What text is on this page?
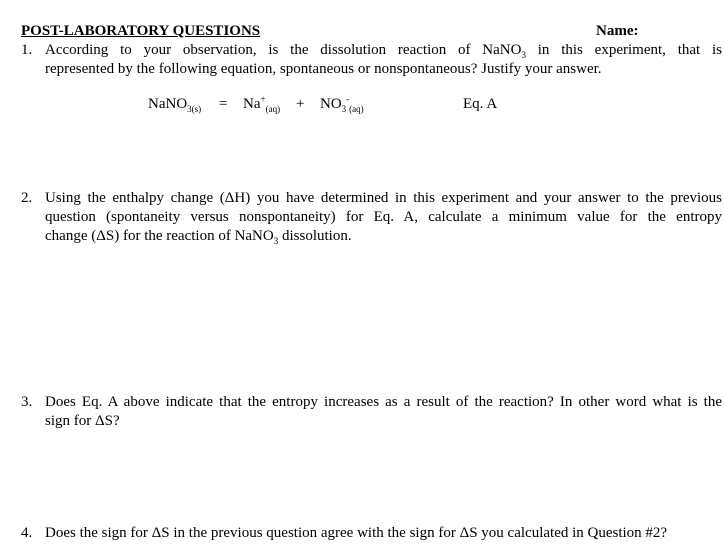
POST-LABORATORY QUESTIONS	Name:
1. According to your observation, is the dissolution reaction of NaNO$_3$ in this experiment, that is
represented by the following equation, spontaneous or nonspontaneous? Justify your answer.
NaNO$_{3(s)}$ = $Na^+_{(aq)} + NO_3^-_{(aq)}$	Eq. A
2. Using the enthalpy change (ΔH) you have determined in this experiment and your answer to the previous
question (spontaneity versus nonspontaneity) for Eq. A, calculate a minimum value for the entropy
change (ΔS) for the reaction of NaNO$_3$ dissolution.
3. Does Eq. A above indicate that the entropy increases as a result of the reaction? In other word what is the
sign for ΔS?
4. Does the sign for ΔS in the previous question agree with the sign for ΔS you calculated in Question #2?
